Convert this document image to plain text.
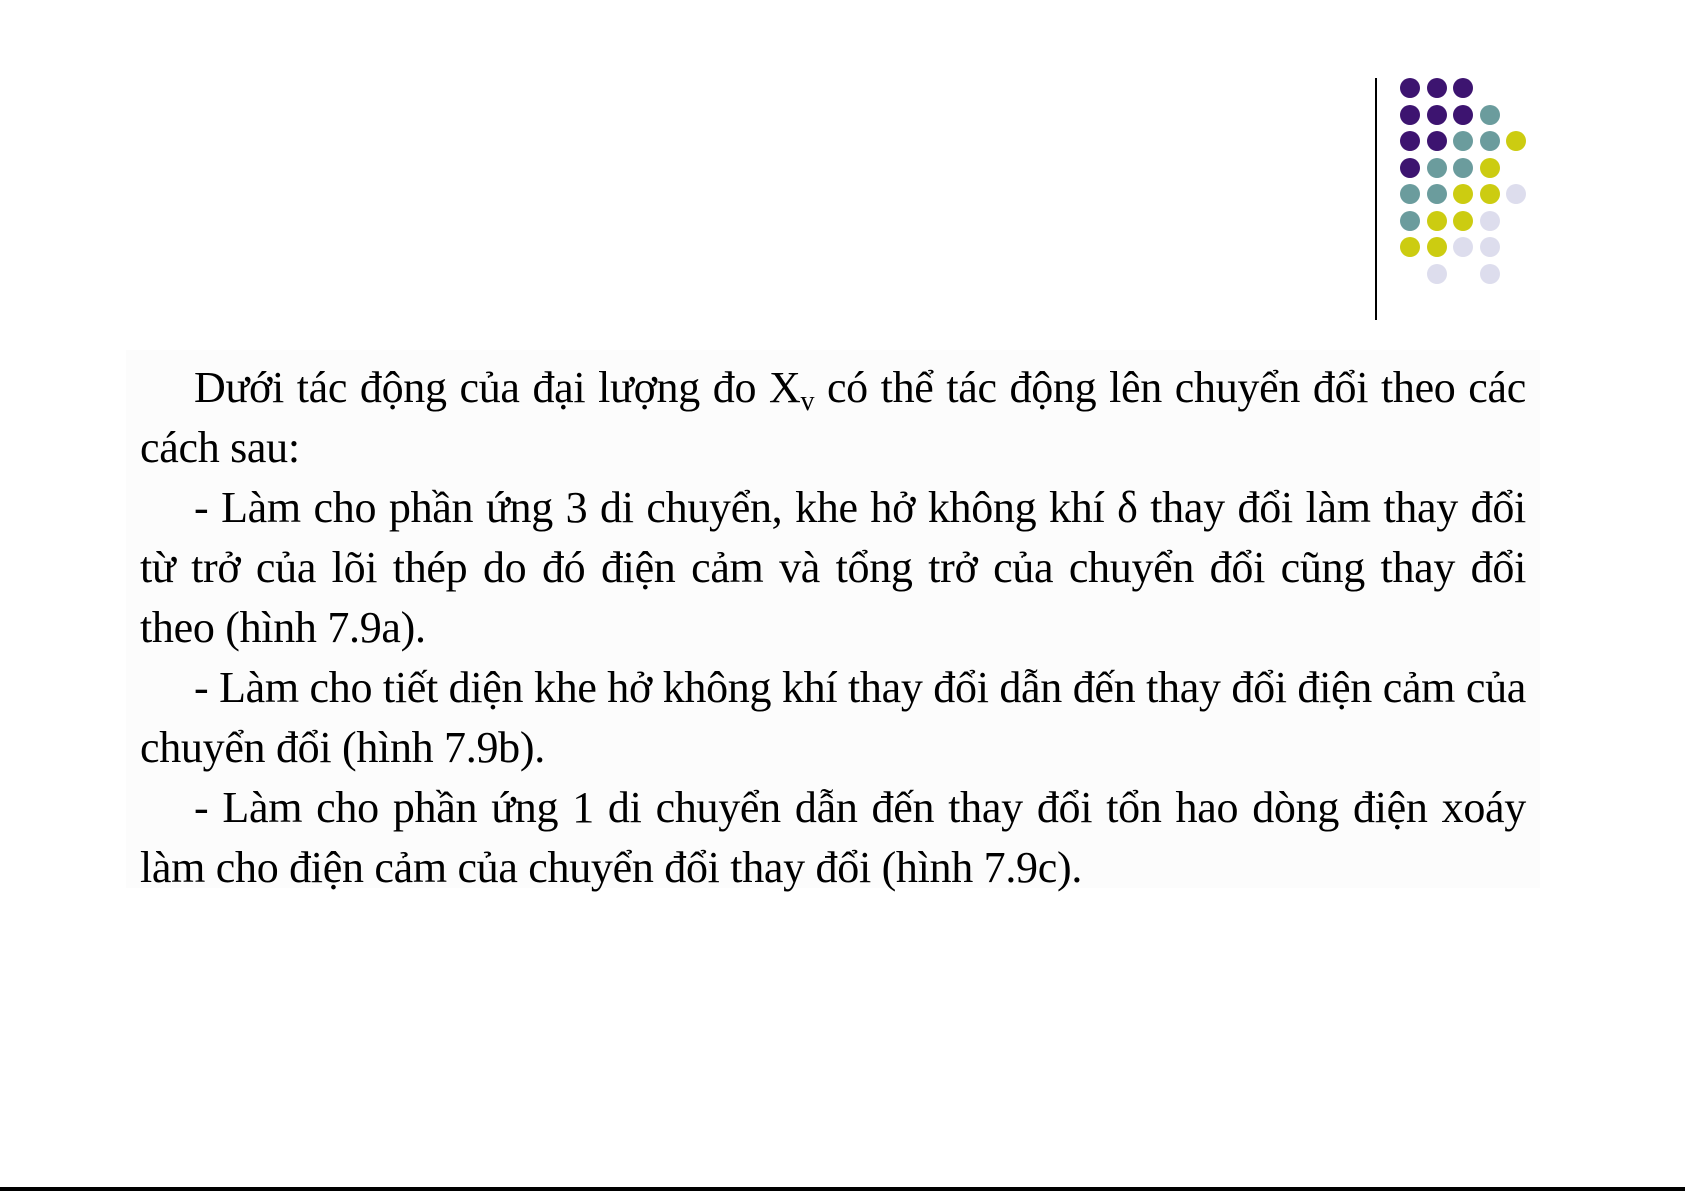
Dưới tác động của đại lượng đo $X_v$ có thể tác động lên chuyển đổi theo các cách sau:

- Làm cho phần ứng 3 di chuyển, khe hở không khí δ thay đổi làm thay đổi từ trở của lõi thép do đó điện cảm và tổng trở của chuyển đổi cũng thay đổi theo (hình 7.9a).

- Làm cho tiết diện khe hở không khí thay đổi dẫn đến thay đổi điện cảm của chuyển đổi (hình 7.9b).

- Làm cho phần ứng 1 di chuyển dẫn đến thay đổi tổn hao dòng điện xoáy làm cho điện cảm của chuyển đổi thay đổi (hình 7.9c).
